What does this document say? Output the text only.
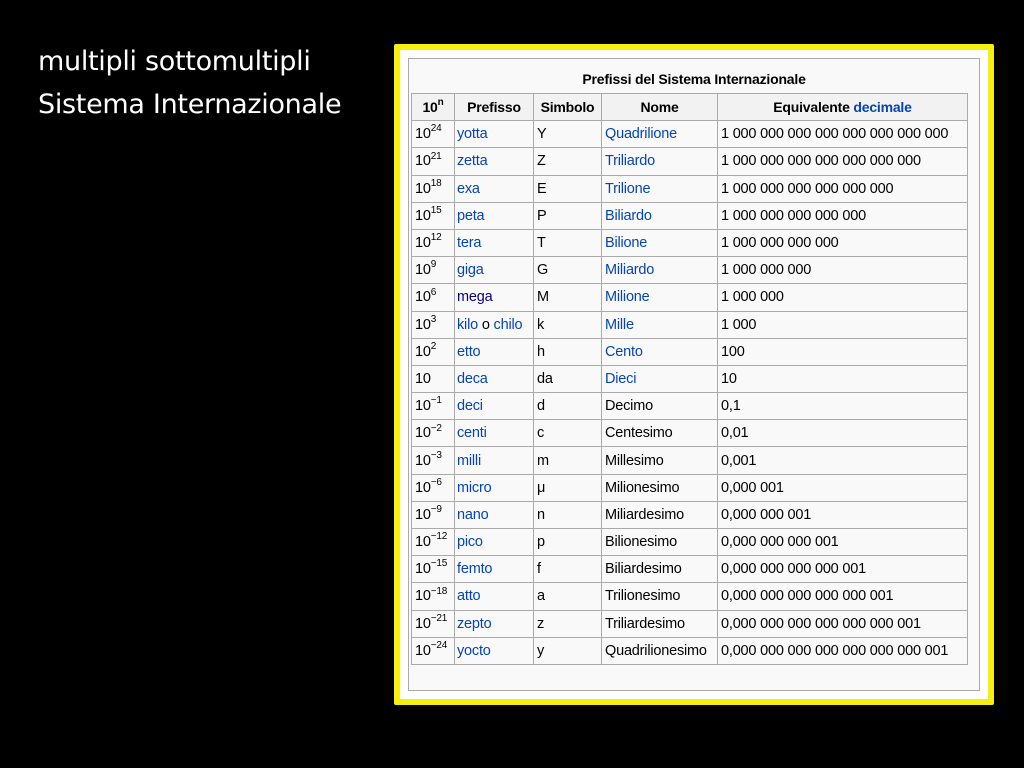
multipli sottomultipli
Sistema Internazionale
Prefissi del Sistema Internazionale
10$^n$	Prefisso	Simbolo	Nome	Equivalente decimale
$10^{24}$	yotta	Y	Quadrilione	1 000 000 000 000 000 000 000 000
$10^{21}$	zetta	Z	Triliardo	1 000 000 000 000 000 000 000
$10^{18}$	exa	E	Trilione	1 000 000 000 000 000 000
$10^{15}$	peta	P	Biliardo	1 000 000 000 000 000
$10^{12}$	tera	T	Bilione	1 000 000 000 000
$10^9$	giga	G	Miliardo	1 000 000 000
$10^6$	mega	M	Milione	1 000 000
$10^3$	kilo o chilo	k	Mille	1 000
$10^2$	etto	h	Cento	100
10	deca	da	Dieci	10
$10^{-1}$	deci	d	Decimo	0,1
$10^{-2}$	centi	c	Centesimo	0,01
$10^{-3}$	milli	m	Millesimo	0,001
$10^{-6}$	micro	μ	Milionesimo	0,000 001
$10^{-9}$	nano	n	Miliardesimo	0,000 000 001
$10^{-12}$	pico	p	Bilionesimo	0,000 000 000 001
$10^{-15}$	femto	f	Biliardesimo	0,000 000 000 000 001
$10^{-18}$	atto	a	Trilionesimo	0,000 000 000 000 000 001
$10^{-21}$	zepto	z	Triliardesimo	0,000 000 000 000 000 000 001
$10^{-24}$	yocto	y	Quadrilionesimo	0,000 000 000 000 000 000 000 001
